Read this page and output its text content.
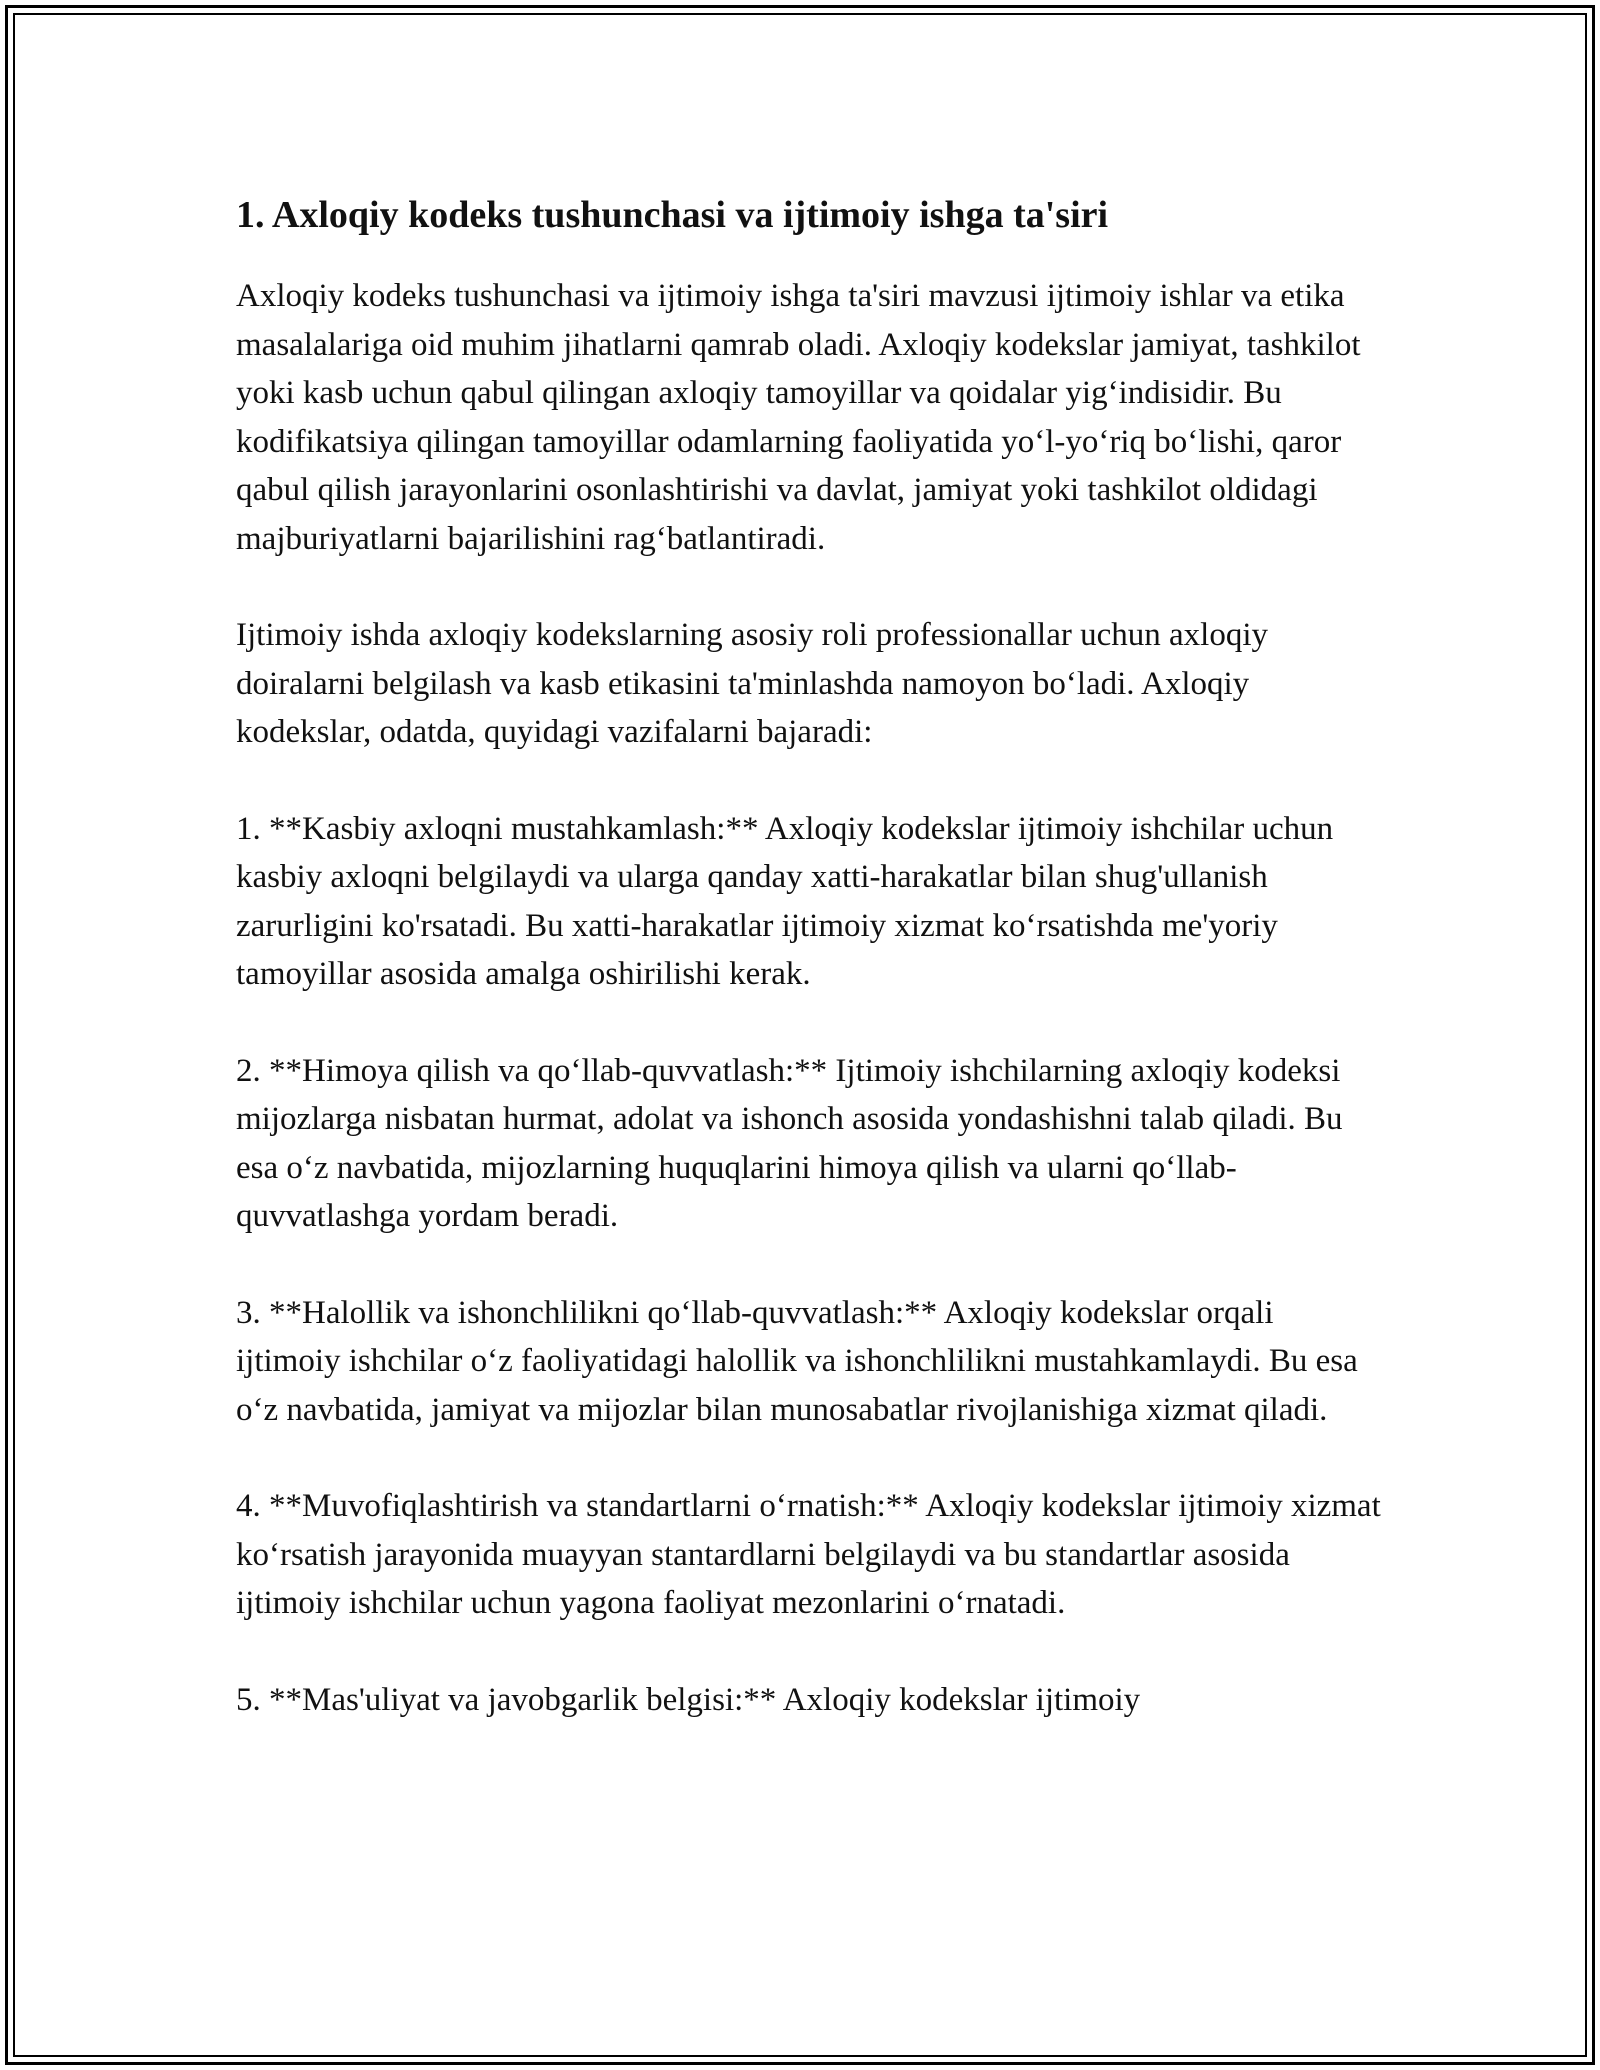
1. Axloqiy kodeks tushunchasi va ijtimoiy ishga ta'siri

Axloqiy kodeks tushunchasi va ijtimoiy ishga ta'siri mavzusi ijtimoiy ishlar va etika masalalariga oid muhim jihatlarni qamrab oladi. Axloqiy kodekslar jamiyat, tashkilot yoki kasb uchun qabul qilingan axloqiy tamoyillar va qoidalar yig‘indisidir. Bu kodifikatsiya qilingan tamoyillar odamlarning faoliyatida yo‘l-yo‘riq bo‘lishi, qaror qabul qilish jarayonlarini osonlashtirishi va davlat, jamiyat yoki tashkilot oldidagi majburiyatlarni bajarilishini rag‘batlantiradi.

Ijtimoiy ishda axloqiy kodekslarning asosiy roli professionallar uchun axloqiy doiralarni belgilash va kasb etikasini ta'minlashda namoyon bo‘ladi. Axloqiy kodekslar, odatda, quyidagi vazifalarni bajaradi:

1. **Kasbiy axloqni mustahkamlash:** Axloqiy kodekslar ijtimoiy ishchilar uchun kasbiy axloqni belgilaydi va ularga qanday xatti-harakatlar bilan shug'ullanish zarurligini ko'rsatadi. Bu xatti-harakatlar ijtimoiy xizmat ko‘rsatishda me'yoriy tamoyillar asosida amalga oshirilishi kerak.

2. **Himoya qilish va qo‘llab-quvvatlash:** Ijtimoiy ishchilarning axloqiy kodeksi mijozlarga nisbatan hurmat, adolat va ishonch asosida yondashishni talab qiladi. Bu esa o‘z navbatida, mijozlarning huquqlarini himoya qilish va ularni qo‘llab-quvvatlashga yordam beradi.

3. **Halollik va ishonchlilikni qo‘llab-quvvatlash:** Axloqiy kodekslar orqali ijtimoiy ishchilar o‘z faoliyatidagi halollik va ishonchlilikni mustahkamlaydi. Bu esa o‘z navbatida, jamiyat va mijozlar bilan munosabatlar rivojlanishiga xizmat qiladi.

4. **Muvofiqlashtirish va standartlarni o‘rnatish:** Axloqiy kodekslar ijtimoiy xizmat ko‘rsatish jarayonida muayyan stantardlarni belgilaydi va bu standartlar asosida ijtimoiy ishchilar uchun yagona faoliyat mezonlarini o‘rnatadi.

5. **Mas'uliyat va javobgarlik belgisi:** Axloqiy kodekslar ijtimoiy
